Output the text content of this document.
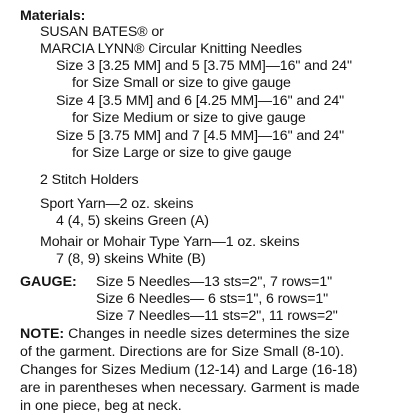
Materials:
SUSAN BATES® or
MARCIA LYNN® Circular Knitting Needles
Size 3 [3.25 MM] and 5 [3.75 MM]—16" and 24"
for Size Small or size to give gauge
Size 4 [3.5 MM] and 6 [4.25 MM]—16" and 24"
for Size Medium or size to give gauge
Size 5 [3.75 MM] and 7 [4.5 MM]—16" and 24"
for Size Large or size to give gauge
2 Stitch Holders
Sport Yarn—2 oz. skeins
4 (4, 5) skeins Green (A)
Mohair or Mohair Type Yarn—1 oz. skeins
7 (8, 9) skeins White (B)
GAUGE: Size 5 Needles—13 sts=2", 7 rows=1"
Size 6 Needles— 6 sts=1", 6 rows=1"
Size 7 Needles—11 sts=2", 11 rows=2"
NOTE: Changes in needle sizes determines the size
of the garment. Directions are for Size Small (8-10).
Changes for Sizes Medium (12-14) and Large (16-18)
are in parentheses when necessary. Garment is made
in one piece, beg at neck.
